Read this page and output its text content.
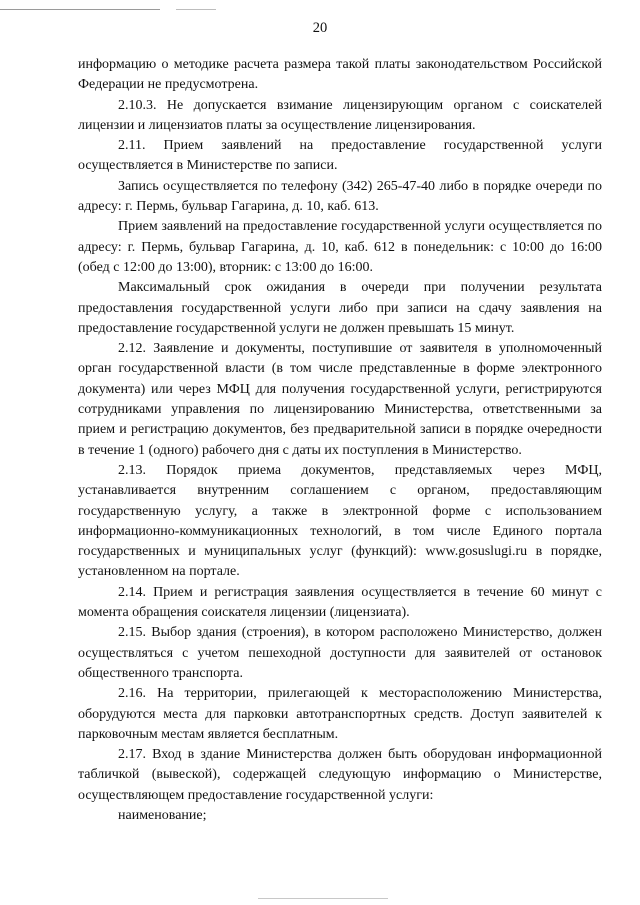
20

информацию о методике расчета размера такой платы законодательством Российской Федерации не предусмотрена.

2.10.3. Не допускается взимание лицензирующим органом с соискателей лицензии и лицензиатов платы за осуществление лицензирования.

2.11. Прием заявлений на предоставление государственной услуги осуществляется в Министерстве по записи.

Запись осуществляется по телефону (342) 265-47-40 либо в порядке очереди по адресу: г. Пермь, бульвар Гагарина, д. 10, каб. 613.

Прием заявлений на предоставление государственной услуги осуществляется по адресу: г. Пермь, бульвар Гагарина, д. 10, каб. 612 в понедельник: с 10:00 до 16:00 (обед с 12:00 до 13:00), вторник: с 13:00 до 16:00.

Максимальный срок ожидания в очереди при получении результата предоставления государственной услуги либо при записи на сдачу заявления на предоставление государственной услуги не должен превышать 15 минут.

2.12. Заявление и документы, поступившие от заявителя в уполномоченный орган государственной власти (в том числе представленные в форме электронного документа) или через МФЦ для получения государственной услуги, регистрируются сотрудниками управления по лицензированию Министерства, ответственными за прием и регистрацию документов, без предварительной записи в порядке очередности в течение 1 (одного) рабочего дня с даты их поступления в Министерство.

2.13. Порядок приема документов, представляемых через МФЦ, устанавливается внутренним соглашением с органом, предоставляющим государственную услугу, а также в электронной форме с использованием информационно-коммуникационных технологий, в том числе Единого портала государственных и муниципальных услуг (функций): www.gosuslugi.ru в порядке, установленном на портале.

2.14. Прием и регистрация заявления осуществляется в течение 60 минут с момента обращения соискателя лицензии (лицензиата).

2.15. Выбор здания (строения), в котором расположено Министерство, должен осуществляться с учетом пешеходной доступности для заявителей от остановок общественного транспорта.

2.16. На территории, прилегающей к месторасположению Министерства, оборудуются места для парковки автотранспортных средств. Доступ заявителей к парковочным местам является бесплатным.

2.17. Вход в здание Министерства должен быть оборудован информационной табличкой (вывеской), содержащей следующую информацию о Министерстве, осуществляющем предоставление государственной услуги:

наименование;
